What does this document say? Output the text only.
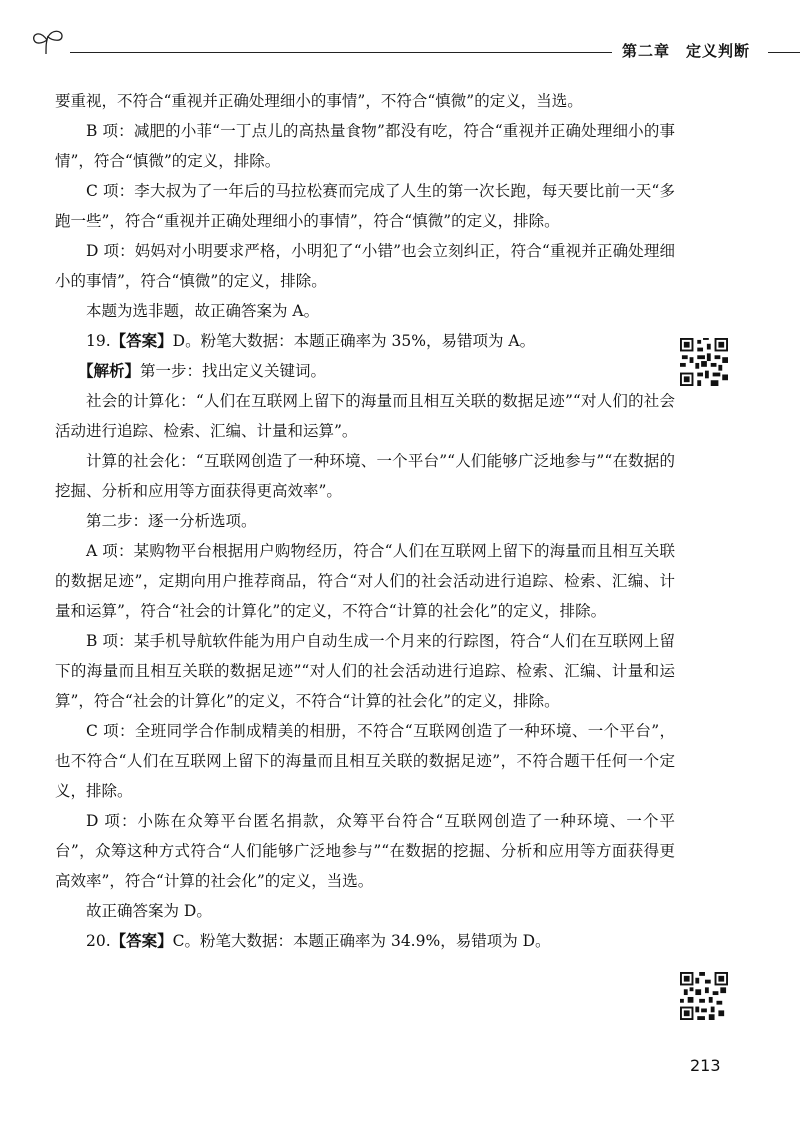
第二章　定义判断

要重视，不符合“重视并正确处理细小的事情”，不符合“慎微”的定义，当选。

B 项：减肥的小菲“一丁点儿的高热量食物”都没有吃，符合“重视并正确处理细小的事情”，符合“慎微”的定义，排除。

C 项：李大叔为了一年后的马拉松赛而完成了人生的第一次长跑，每天要比前一天“多跑一些”，符合“重视并正确处理细小的事情”，符合“慎微”的定义，排除。

D 项：妈妈对小明要求严格，小明犯了“小错”也会立刻纠正，符合“重视并正确处理细小的事情”，符合“慎微”的定义，排除。

本题为选非题，故正确答案为 A。

19.【答案】D。粉笔大数据：本题正确率为 35%，易错项为 A。

【解析】第一步：找出定义关键词。

社会的计算化：“人们在互联网上留下的海量而且相互关联的数据足迹”“对人们的社会活动进行追踪、检索、汇编、计量和运算”。

计算的社会化：“互联网创造了一种环境、一个平台”“人们能够广泛地参与”“在数据的挖掘、分析和应用等方面获得更高效率”。

第二步：逐一分析选项。

A 项：某购物平台根据用户购物经历，符合“人们在互联网上留下的海量而且相互关联的数据足迹”，定期向用户推荐商品，符合“对人们的社会活动进行追踪、检索、汇编、计量和运算”，符合“社会的计算化”的定义，不符合“计算的社会化”的定义，排除。

B 项：某手机导航软件能为用户自动生成一个月来的行踪图，符合“人们在互联网上留下的海量而且相互关联的数据足迹”“对人们的社会活动进行追踪、检索、汇编、计量和运算”，符合“社会的计算化”的定义，不符合“计算的社会化”的定义，排除。

C 项：全班同学合作制成精美的相册，不符合“互联网创造了一种环境、一个平台”，也不符合“人们在互联网上留下的海量而且相互关联的数据足迹”，不符合题干任何一个定义，排除。

D 项：小陈在众筹平台匿名捐款，众筹平台符合“互联网创造了一种环境、一个平台”，众筹这种方式符合“人们能够广泛地参与”“在数据的挖掘、分析和应用等方面获得更高效率”，符合“计算的社会化”的定义，当选。

故正确答案为 D。

20.【答案】C。粉笔大数据：本题正确率为 34.9%，易错项为 D。

213
